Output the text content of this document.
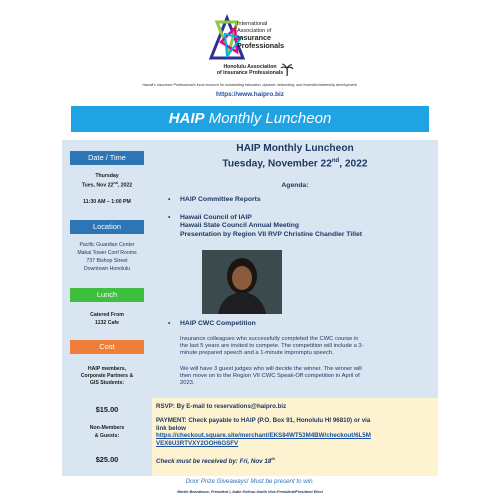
International
Association of
Insurance
Professionals
Honolulu Association
of Insurance Professionals
Hawaii's Insurance Professional's local resource for outstanding education, dynamic networking, and essential leadership development.
https://www.haipro.biz
HAIP Monthly Luncheon
Date / Time
Thursday
Tues, Nov 22nd, 2022
11:30 AM – 1:00 PM
Location
Pacific Guardian Center
Makai Tower Conf Rooms
737 Bishop Street
Downtown Honolulu
Lunch
Catered From
1132 Cafe
Cost
HAIP members,
Corporate Partners &
GIS Students:
$15.00
Non-Members
& Guests:
$25.00
HAIP Monthly Luncheon
Tuesday, November 22nd, 2022
Agenda:
• HAIP Committee Reports
• Hawaii Council of IAIP
Hawaii State Council Annual Meeting
Presentation by Region VII RVP Christine Chandler Tillet
• HAIP CWC Competition
Insurance colleagues who successfully completed the CWC course in
the last 5 years are invited to compete. The competition will include a 3-
minute prepared speech and a 1-minute impromptu speech.
We will have 3 guest judges who will decide the winner. The winner will
then move on to the Region VII CWC Speak-Off competition in April of
2023.
RSVP: By E-mail to reservations@haipro.biz
PAYMENT: Check payable to HAIP (P.O. Box 91, Honolulu HI 96810) or via
link below
https://checkout.square.site/merchant/EKS84WT53M4BW/checkout/6L5M
VEX6U3RTVXY2OOH6GSFV
Check must be received by: Fri, Nov 18th
Door Prize Giveaways! Must be present to win.
Martie Beardeaux, President | Jodie Kelinui-Smith Vice-President/President Elect
